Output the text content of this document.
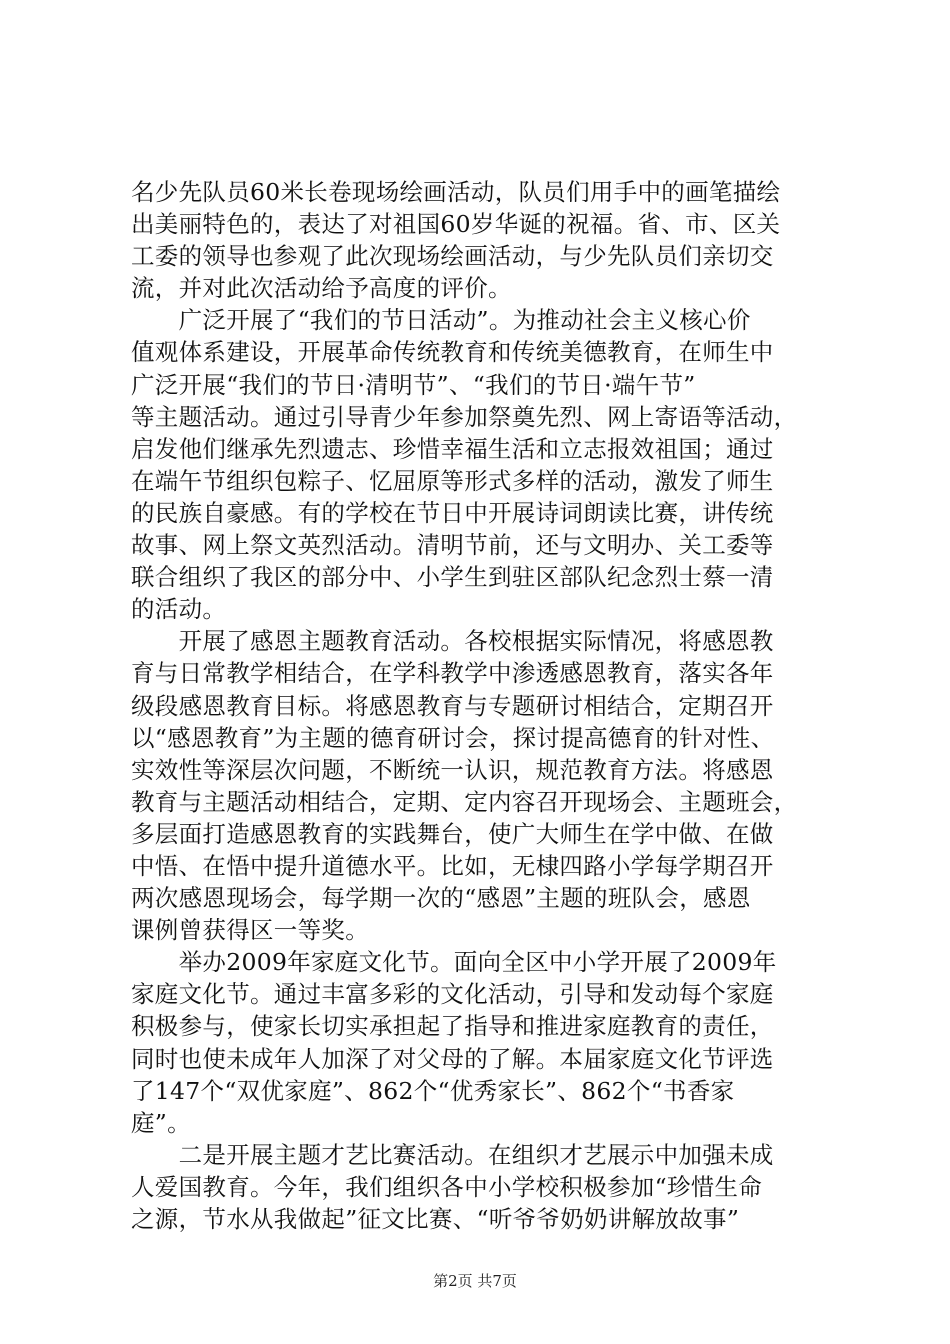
名少先队员60米长卷现场绘画活动，队员们用手中的画笔描绘
出美丽特色的，表达了对祖国60岁华诞的祝福。省、市、区关
工委的领导也参观了此次现场绘画活动，与少先队员们亲切交
流，并对此次活动给予高度的评价。
　　广泛开展了“我们的节日活动”。为推动社会主义核心价
值观体系建设，开展革命传统教育和传统美德教育，在师生中
广泛开展“我们的节日·清明节”、“我们的节日·端午节”
等主题活动。通过引导青少年参加祭奠先烈、网上寄语等活动，
启发他们继承先烈遗志、珍惜幸福生活和立志报效祖国；通过
在端午节组织包粽子、忆屈原等形式多样的活动，激发了师生
的民族自豪感。有的学校在节日中开展诗词朗读比赛，讲传统
故事、网上祭文英烈活动。清明节前，还与文明办、关工委等
联合组织了我区的部分中、小学生到驻区部队纪念烈士蔡一清
的活动。
　　开展了感恩主题教育活动。各校根据实际情况，将感恩教
育与日常教学相结合，在学科教学中渗透感恩教育，落实各年
级段感恩教育目标。将感恩教育与专题研讨相结合，定期召开
以“感恩教育”为主题的德育研讨会，探讨提高德育的针对性、
实效性等深层次问题，不断统一认识，规范教育方法。将感恩
教育与主题活动相结合，定期、定内容召开现场会、主题班会，
多层面打造感恩教育的实践舞台，使广大师生在学中做、在做
中悟、在悟中提升道德水平。比如，无棣四路小学每学期召开
两次感恩现场会，每学期一次的“感恩”主题的班队会，感恩
课例曾获得区一等奖。
　　举办2009年家庭文化节。面向全区中小学开展了2009年
家庭文化节。通过丰富多彩的文化活动，引导和发动每个家庭
积极参与，使家长切实承担起了指导和推进家庭教育的责任，
同时也使未成年人加深了对父母的了解。本届家庭文化节评选
了147个“双优家庭”、862个“优秀家长”、862个“书香家
庭”。
　　二是开展主题才艺比赛活动。在组织才艺展示中加强未成
人爱国教育。今年，我们组织各中小学校积极参加“珍惜生命
之源，节水从我做起”征文比赛、“听爷爷奶奶讲解放故事”
第2页 共7页
